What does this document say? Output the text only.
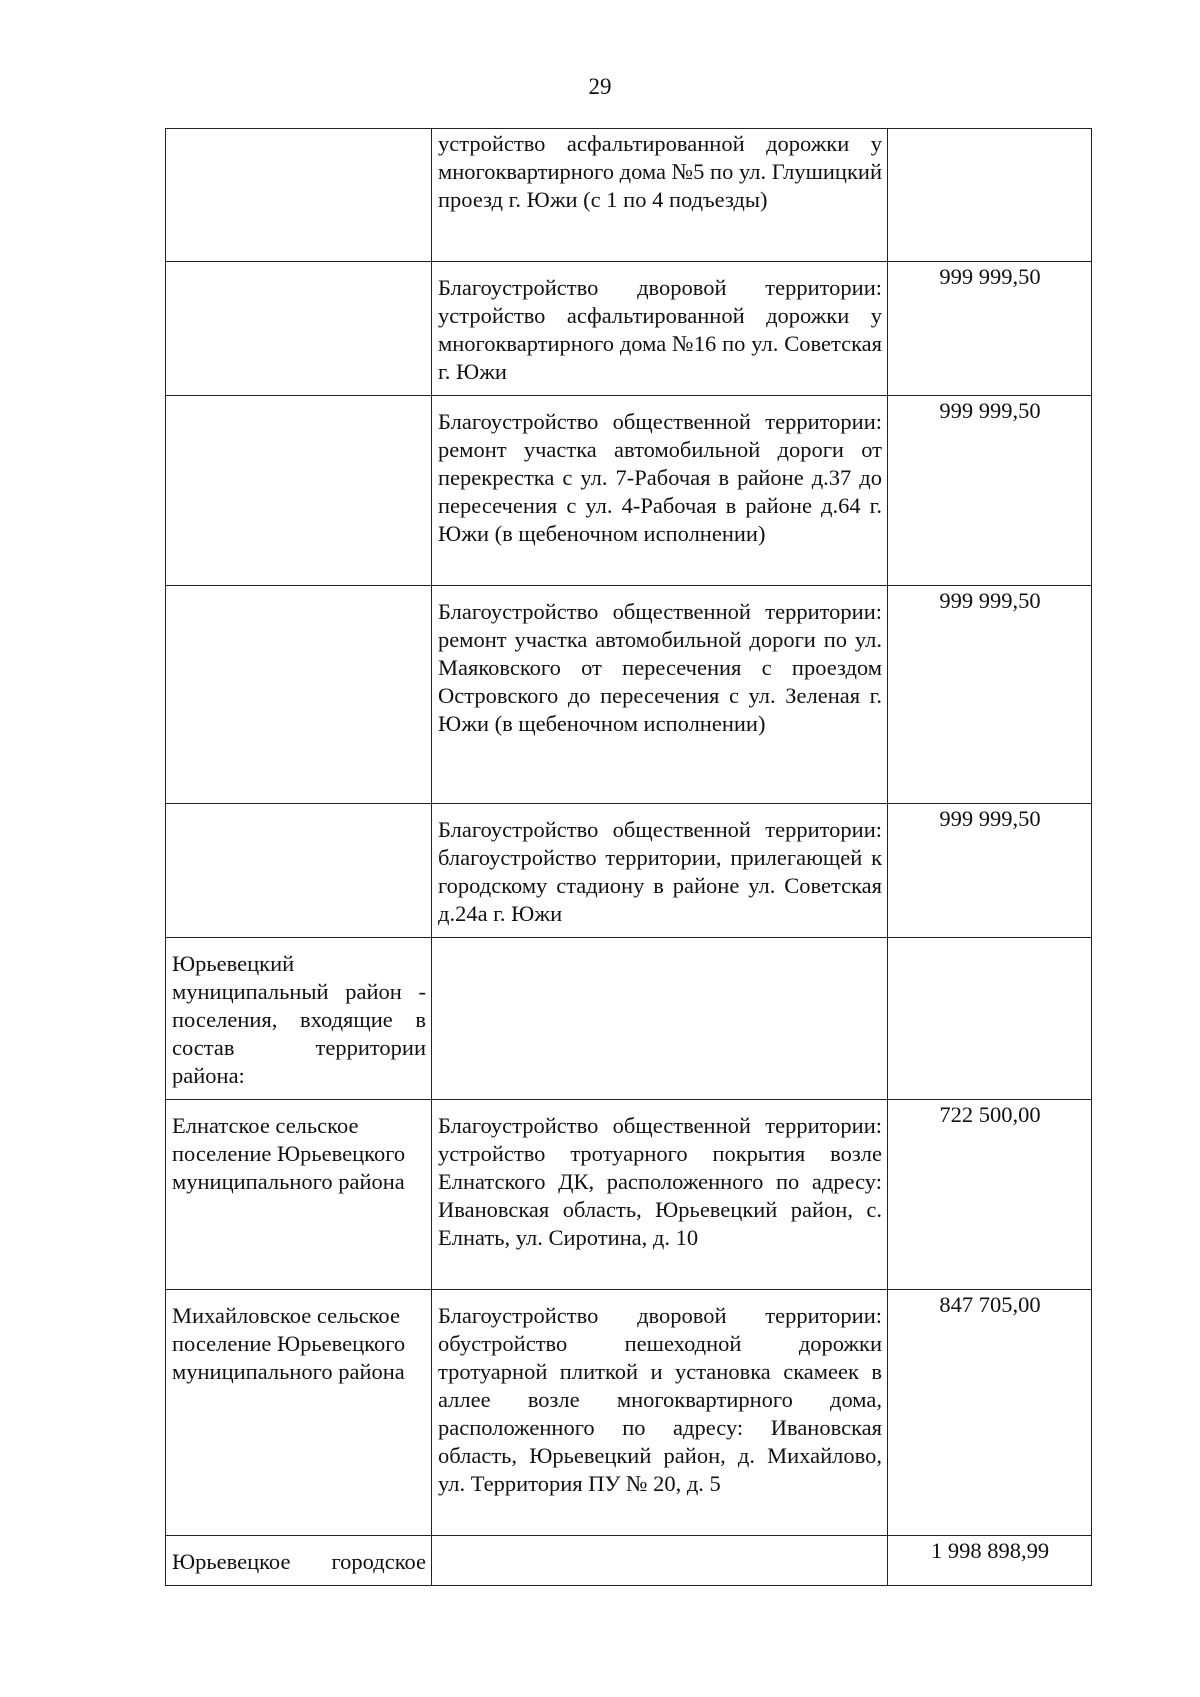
29
	устройство асфальтированной дорожки у многоквартирного дома №5 по ул. Глушицкий проезд г. Южи (с 1 по 4 подъезды)	
	Благоустройство дворовой территории: устройство асфальтированной дорожки у многоквартирного дома №16 по ул. Советская г. Южи	999 999,50
	Благоустройство общественной территории: ремонт участка автомобильной дороги от перекрестка с ул. 7-Рабочая в районе д.37 до пересечения с ул. 4-Рабочая в районе д.64 г. Южи (в щебеночном исполнении)	999 999,50
	Благоустройство общественной территории: ремонт участка автомобильной дороги по ул. Маяковского от пересечения с проездом Островского до пересечения с ул. Зеленая г. Южи (в щебеночном исполнении)	999 999,50
	Благоустройство общественной территории: благоустройство территории, прилегающей к городскому стадиону в районе ул. Советская д.24а г. Южи	999 999,50
Юрьевецкий муниципальный район - поселения, входящие в состав территории района:		
Елнатское сельское поселение Юрьевецкого муниципального района	Благоустройство общественной территории: устройство тротуарного покрытия возле Елнатского ДК, расположенного по адресу: Ивановская область, Юрьевецкий район, с. Елнать, ул. Сиротина, д. 10	722 500,00
Михайловское сельское поселение Юрьевецкого муниципального района	Благоустройство дворовой территории: обустройство пешеходной дорожки тротуарной плиткой и установка скамеек в аллее возле многоквартирного дома, расположенного по адресу: Ивановская область, Юрьевецкий район, д. Михайлово, ул. Территория ПУ № 20, д. 5	847 705,00
Юрьевецкое городское		1 998 898,99
